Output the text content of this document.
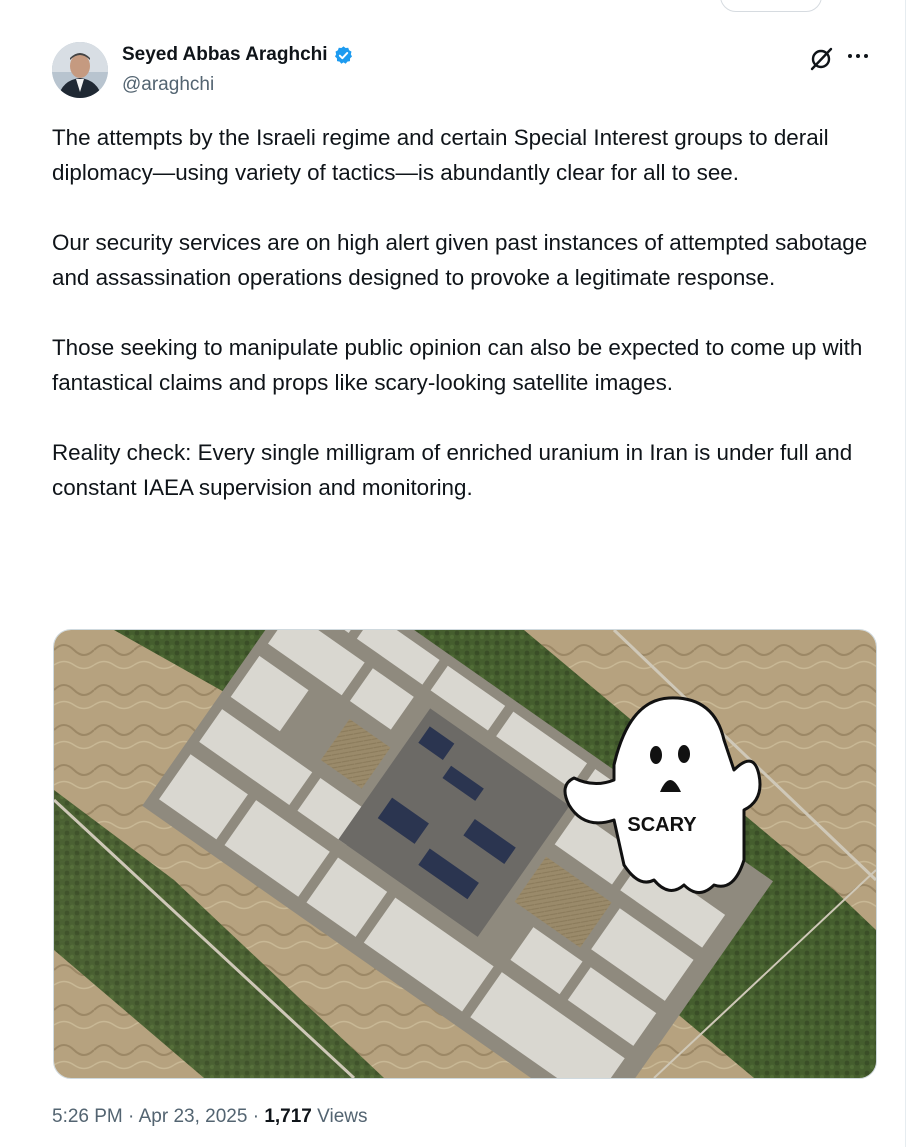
Seyed Abbas Araghchi
@araghchi

The attempts by the Israeli regime and certain Special Interest groups to derail diplomacy—using variety of tactics—is abundantly clear for all to see.

Our security services are on high alert given past instances of attempted sabotage and assassination operations designed to provoke a legitimate response.

Those seeking to manipulate public opinion can also be expected to come up with fantastical claims and props like scary-looking satellite images.

Reality check: Every single milligram of enriched uranium in Iran is under full and constant IAEA supervision and monitoring.

SCARY
5:26 PM · Apr 23, 2025 · 1,717 Views
